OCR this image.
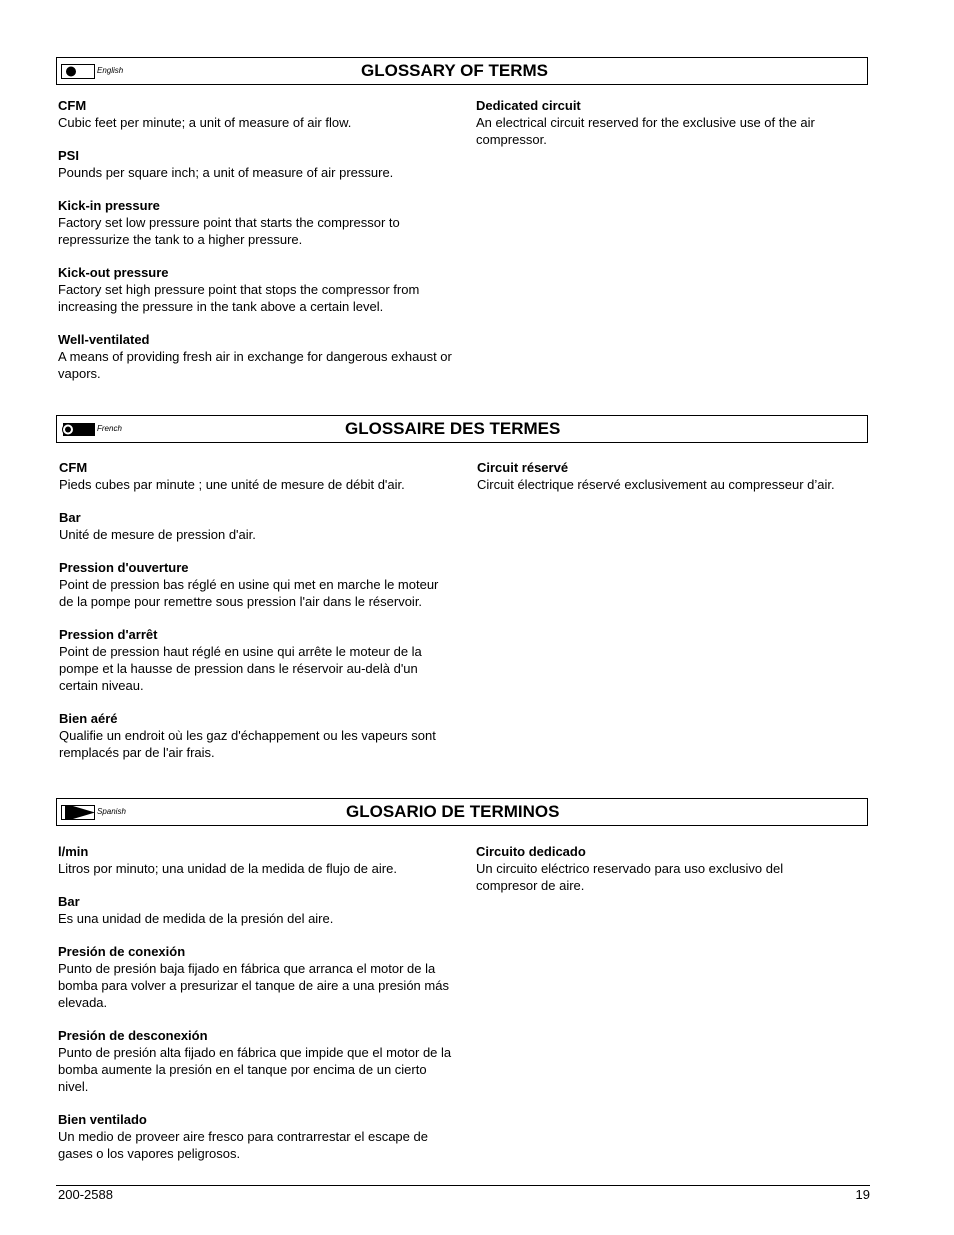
English	GLOSSARY OF TERMS
CFM
Cubic feet per minute; a unit of measure of air flow.
PSI
Pounds per square inch; a unit of measure of air pressure.
Kick-in pressure
Factory set low pressure point that starts the compressor to repressurize the tank to a higher pressure.
Kick-out pressure
Factory set high pressure point that stops the compressor from increasing the pressure in the tank above a certain level.
Well-ventilated
A means of providing fresh air in exchange for dangerous exhaust or vapors.
Dedicated circuit
An electrical circuit reserved for the exclusive use of the air compressor.
French	GLOSSAIRE DES TERMES
CFM
Pieds cubes par minute ; une unité de mesure de débit d'air.
Bar
Unité de mesure de pression d'air.
Pression d'ouverture
Point de pression bas réglé en usine qui met en marche le moteur de la pompe pour remettre sous pression l'air dans le réservoir.
Pression d'arrêt
Point de pression haut réglé en usine qui arrête le moteur de la pompe et la hausse de pression dans le réservoir au-delà d'un certain niveau.
Bien aéré
Qualifie un endroit où les gaz d'échappement ou les vapeurs sont remplacés par de l'air frais.
Circuit réservé
Circuit électrique réservé exclusivement au compresseur d’air.
Spanish	GLOSARIO DE TERMINOS
l/min
Litros por minuto; una unidad de la medida de flujo de aire.
Bar
Es una unidad de medida de la presión del aire.
Presión de conexión
Punto de presión baja fijado en fábrica que arranca el motor de la bomba para volver a presurizar el tanque de aire a una presión más elevada.
Presión de desconexión
Punto de presión alta fijado en fábrica que impide que el motor de la bomba aumente la presión en el tanque por encima de un cierto nivel.
Bien ventilado
Un medio de proveer aire fresco para contrarrestar el escape de gases o los vapores peligrosos.
Circuito dedicado
Un circuito eléctrico reservado para uso exclusivo del compresor de aire.
200-2588	19
